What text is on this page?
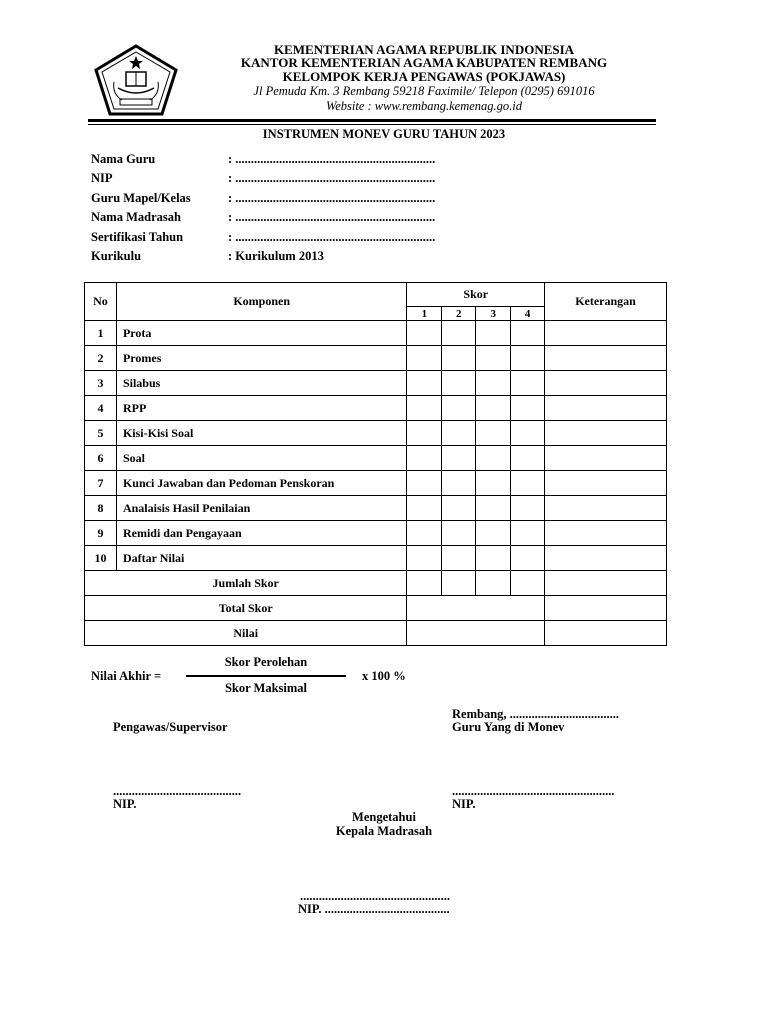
KEMENTERIAN AGAMA REPUBLIK INDONESIA
KANTOR KEMENTERIAN AGAMA KABUPATEN REMBANG
KELOMPOK KERJA PENGAWAS (POKJAWAS)
Jl Pemuda Km. 3 Rembang 59218 Faximile/ Telepon (0295) 691016
Website : www.rembang.kemenag.go.id
INSTRUMEN MONEV GURU TAHUN 2023
Nama Guru	: ................................................................
NIP	: ................................................................
Guru Mapel/Kelas	: ................................................................
Nama Madrasah	: ................................................................
Sertifikasi Tahun	: ................................................................
Kurikulu	: Kurikulum 2013
No	Komponen	Skor				Keterangan
		1	2	3	4	
1	Prota					
2	Promes					
3	Silabus					
4	RPP					
5	Kisi-Kisi Soal					
6	Soal					
7	Kunci Jawaban dan Pedoman Penskoran					
8	Analaisis Hasil Penilaian					
9	Remidi dan Pengayaan					
10	Daftar Nilai					
Jumlah Skor						
Total Skor						
Nilai						
Nilai Akhir =
Skor Perolehan
Skor Maksimal
x 100 %
Rembang, ...................................
Pengawas/Supervisor	Guru Yang di Monev
.........................................	....................................................
NIP.	NIP.
Mengetahui
Kepala Madrasah
................................................
NIP. ........................................
